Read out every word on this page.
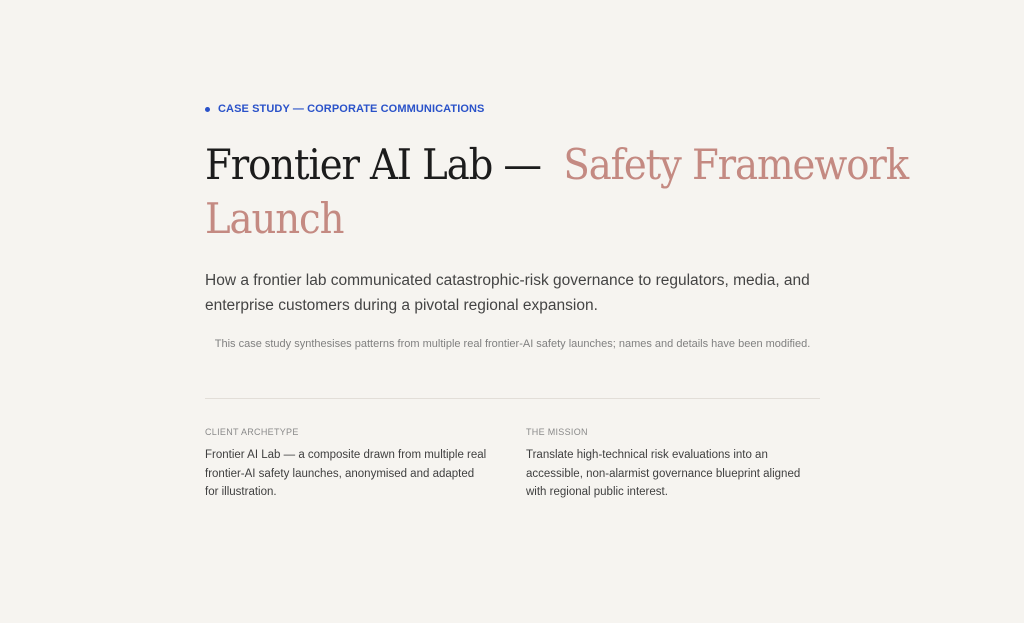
CASE STUDY — CORPORATE COMMUNICATIONS
Frontier AI Lab — Safety Framework
Launch

How a frontier lab communicated catastrophic-risk governance to regulators, media, and enterprise customers during a pivotal regional expansion.

This case study synthesises patterns from multiple real frontier-AI safety launches; names and details have been modified.

CLIENT ARCHETYPE

Frontier AI Lab — a composite drawn from multiple real frontier-AI safety launches, anonymised and adapted for illustration.

THE MISSION

Translate high-technical risk evaluations into an accessible, non-alarmist governance blueprint aligned with regional public interest.
